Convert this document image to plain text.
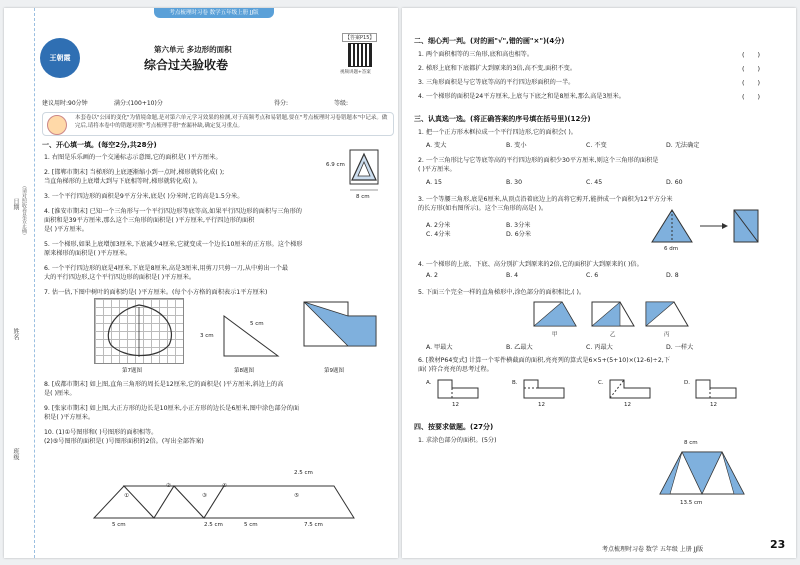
考点梳理时习卷 数学五年级上册 JJ版
日期
姓名
班级
（请对照收卷是否正确）
王朝霞
第六单元 多边形的面积
综合过关验收卷
【答案P15】
视频讲题+答案
建议用时:90分钟	满分:(100+10)分	得分:	等级:
本套卷以"公园的变化"为情境命题,是对第六单元学习效果的检测,对于高频考点和易错题,要在"考点梳理时习卷错题本"中记录。做完后,请将本卷中的错题对照"考点梳理手册"查漏补缺,确定复习重点。
一、开心填一填。(每空2分,共28分)
1. 右图是乐乐画的一个交通标志示意图,它的面积是( )平方厘米。
2. [邯郸市期末] 当梯形的上底逐渐缩小到一点时,梯形就转化成( );
当直角梯形的上底增大到与下底相等时,梯形就转化成( )。
3. 一个平行四边形的面积是9平方分米,底是( )分米时,它的高是1.5分米。
4. [淮安市期末] 已知一个三角形与一个平行四边形等底等高,如果平行四边形的面积与三角形的
面积和是39平方厘米,那么这个三角形的面积是( )平方厘米,平行四边形的面积
是( )平方厘米。
5. 一个梯形,如果上底增加3厘米,下底减少4厘米,它就变成一个边长10厘米的正方形。这个梯形
原来梯形的面积是( )平方厘米。
6. 一个平行四边形的底是4厘米,下底是8厘米,高是3厘米,用剪刀只剪一刀,从中剪出一个最
大的平行四边形,这个平行四边形的面积是( )平方厘米。
7. 估一估,下图中树叶的面积约是( )平方厘米。(每个小方格的面积表示1平方厘米)
6.9 cm
8 cm
3 cm
5 cm
第7题图	第8题图	第9题图
8. [成都市期末] 如上图,直角三角形的周长是12厘米,它的面积是( )平方厘米,斜边上的高
是( )厘米。
9. [张家市期末] 如上图,大正方形的边长是10厘米,小正方形的边长是6厘米,图中涂色部分的面
积是( )平方厘米。
10. (1)①号图形和( )号图形的面积相等。
(2)⑤号图形的面积是( )号图形面积的2倍。(写出全部答案)
①
②
③
④
⑤
2.5 cm
5 cm	2.5 cm	5 cm	7.5 cm
二、细心判一判。(对的画"√",错的画"×")(4分)
1. 两个面积相等的三角形,底和高也相等。
2. 梯形上底和下底都扩大到原来的3倍,高不变,面积不变。
3. 三角形面积是与它等底等高的平行四边形面积的一半。
4. 一个梯形的面积是24平方厘米,上底与下底之和是8厘米,那么高是3厘米。
(　　)
(　　)
(　　)
(　　)
三、认真选一选。(将正确答案的序号填在括号里)(12分)
1. 把一个正方形木框拉成一个平行四边形,它的面积会( )。
A. 变大	B. 变小	C. 不变	D. 无法确定
2. 一个三角形比与它等底等高的平行四边形的面积少30平方厘米,则这个三角形的面积是
( )平方厘米。
A. 15	B. 30	C. 45	D. 60
3. 一个等腰三角形,底是6厘米,从顶点沿着底边上的高将它剪开,能拼成一个面积为12平方分米
的长方形(如右图所示)。这个三角形的高是( )。
A. 2分米	B. 3分米
C. 4分米	D. 6分米
6 dm
4. 一个梯形的上底、下底、高分别扩大到原来的2倍,它的面积扩大到原来的( )倍。
A. 2	B. 4	C. 6	D. 8
5. 下面三个完全一样的直角梯形中,涂色部分的面积相比,( )。
甲	乙	丙
A. 甲最大	B. 乙最大	C. 丙最大	D. 一样大
6. [教材P64变式] 计算一个零件横截面的面积,亮亮列的算式是6×5+(5+10)×(12-6)÷2,下
面( )符合亮亮的思考过程。
A.	B.	C.	D.
12	12	12	12
四、按要求做题。(27分)
1. 求涂色部分的面积。(5分)	8 cm
13.5 cm
考点梳理时习卷 数学 五年级 上册 JJ版	23
